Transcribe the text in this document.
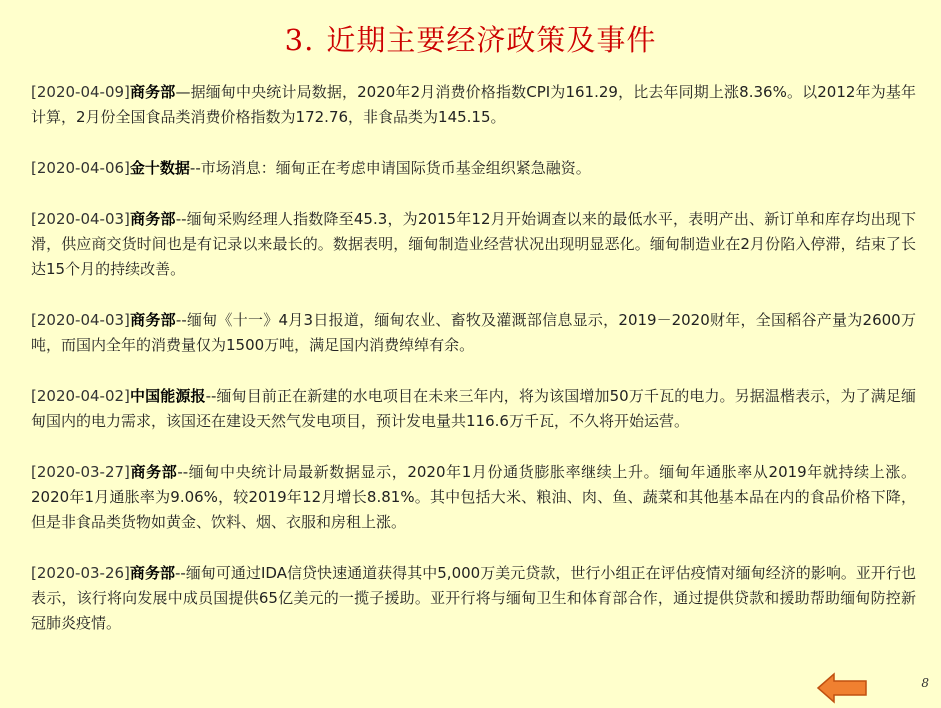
3. 近期主要经济政策及事件

[2020-04-09]商务部—据缅甸中央统计局数据，2020年2月消费价格指数CPI为161.29，比去年同期上涨8.36%。以2012年为基年计算，2月份全国食品类消费价格指数为172.76，非食品类为145.15。

[2020-04-06]金十数据--市场消息：缅甸正在考虑申请国际货币基金组织紧急融资。

[2020-04-03]商务部--缅甸采购经理人指数降至45.3，为2015年12月开始调查以来的最低水平，表明产出、新订单和库存均出现下滑，供应商交货时间也是有记录以来最长的。数据表明，缅甸制造业经营状况出现明显恶化。缅甸制造业在2月份陷入停滞，结束了长达15个月的持续改善。

[2020-04-03]商务部--缅甸《十一》4月3日报道，缅甸农业、畜牧及灌溉部信息显示，2019－2020财年，全国稻谷产量为2600万吨，而国内全年的消费量仅为1500万吨，满足国内消费绰绰有余。

[2020-04-02]中国能源报--缅甸目前正在新建的水电项目在未来三年内，将为该国增加50万千瓦的电力。另据温楷表示，为了满足缅甸国内的电力需求，该国还在建设天然气发电项目，预计发电量共116.6万千瓦，不久将开始运营。

[2020-03-27]商务部--缅甸中央统计局最新数据显示，2020年1月份通货膨胀率继续上升。缅甸年通胀率从2019年就持续上涨。2020年1月通胀率为9.06%，较2019年12月增长8.81%。其中包括大米、粮油、肉、鱼、蔬菜和其他基本品在内的食品价格下降，但是非食品类货物如黄金、饮料、烟、衣服和房租上涨。

[2020-03-26]商务部--缅甸可通过IDA信贷快速通道获得其中5,000万美元贷款，世行小组正在评估疫情对缅甸经济的影响。亚开行也表示，该行将向发展中成员国提供65亿美元的一揽子援助。亚开行将与缅甸卫生和体育部合作，通过提供贷款和援助帮助缅甸防控新冠肺炎疫情。

8
